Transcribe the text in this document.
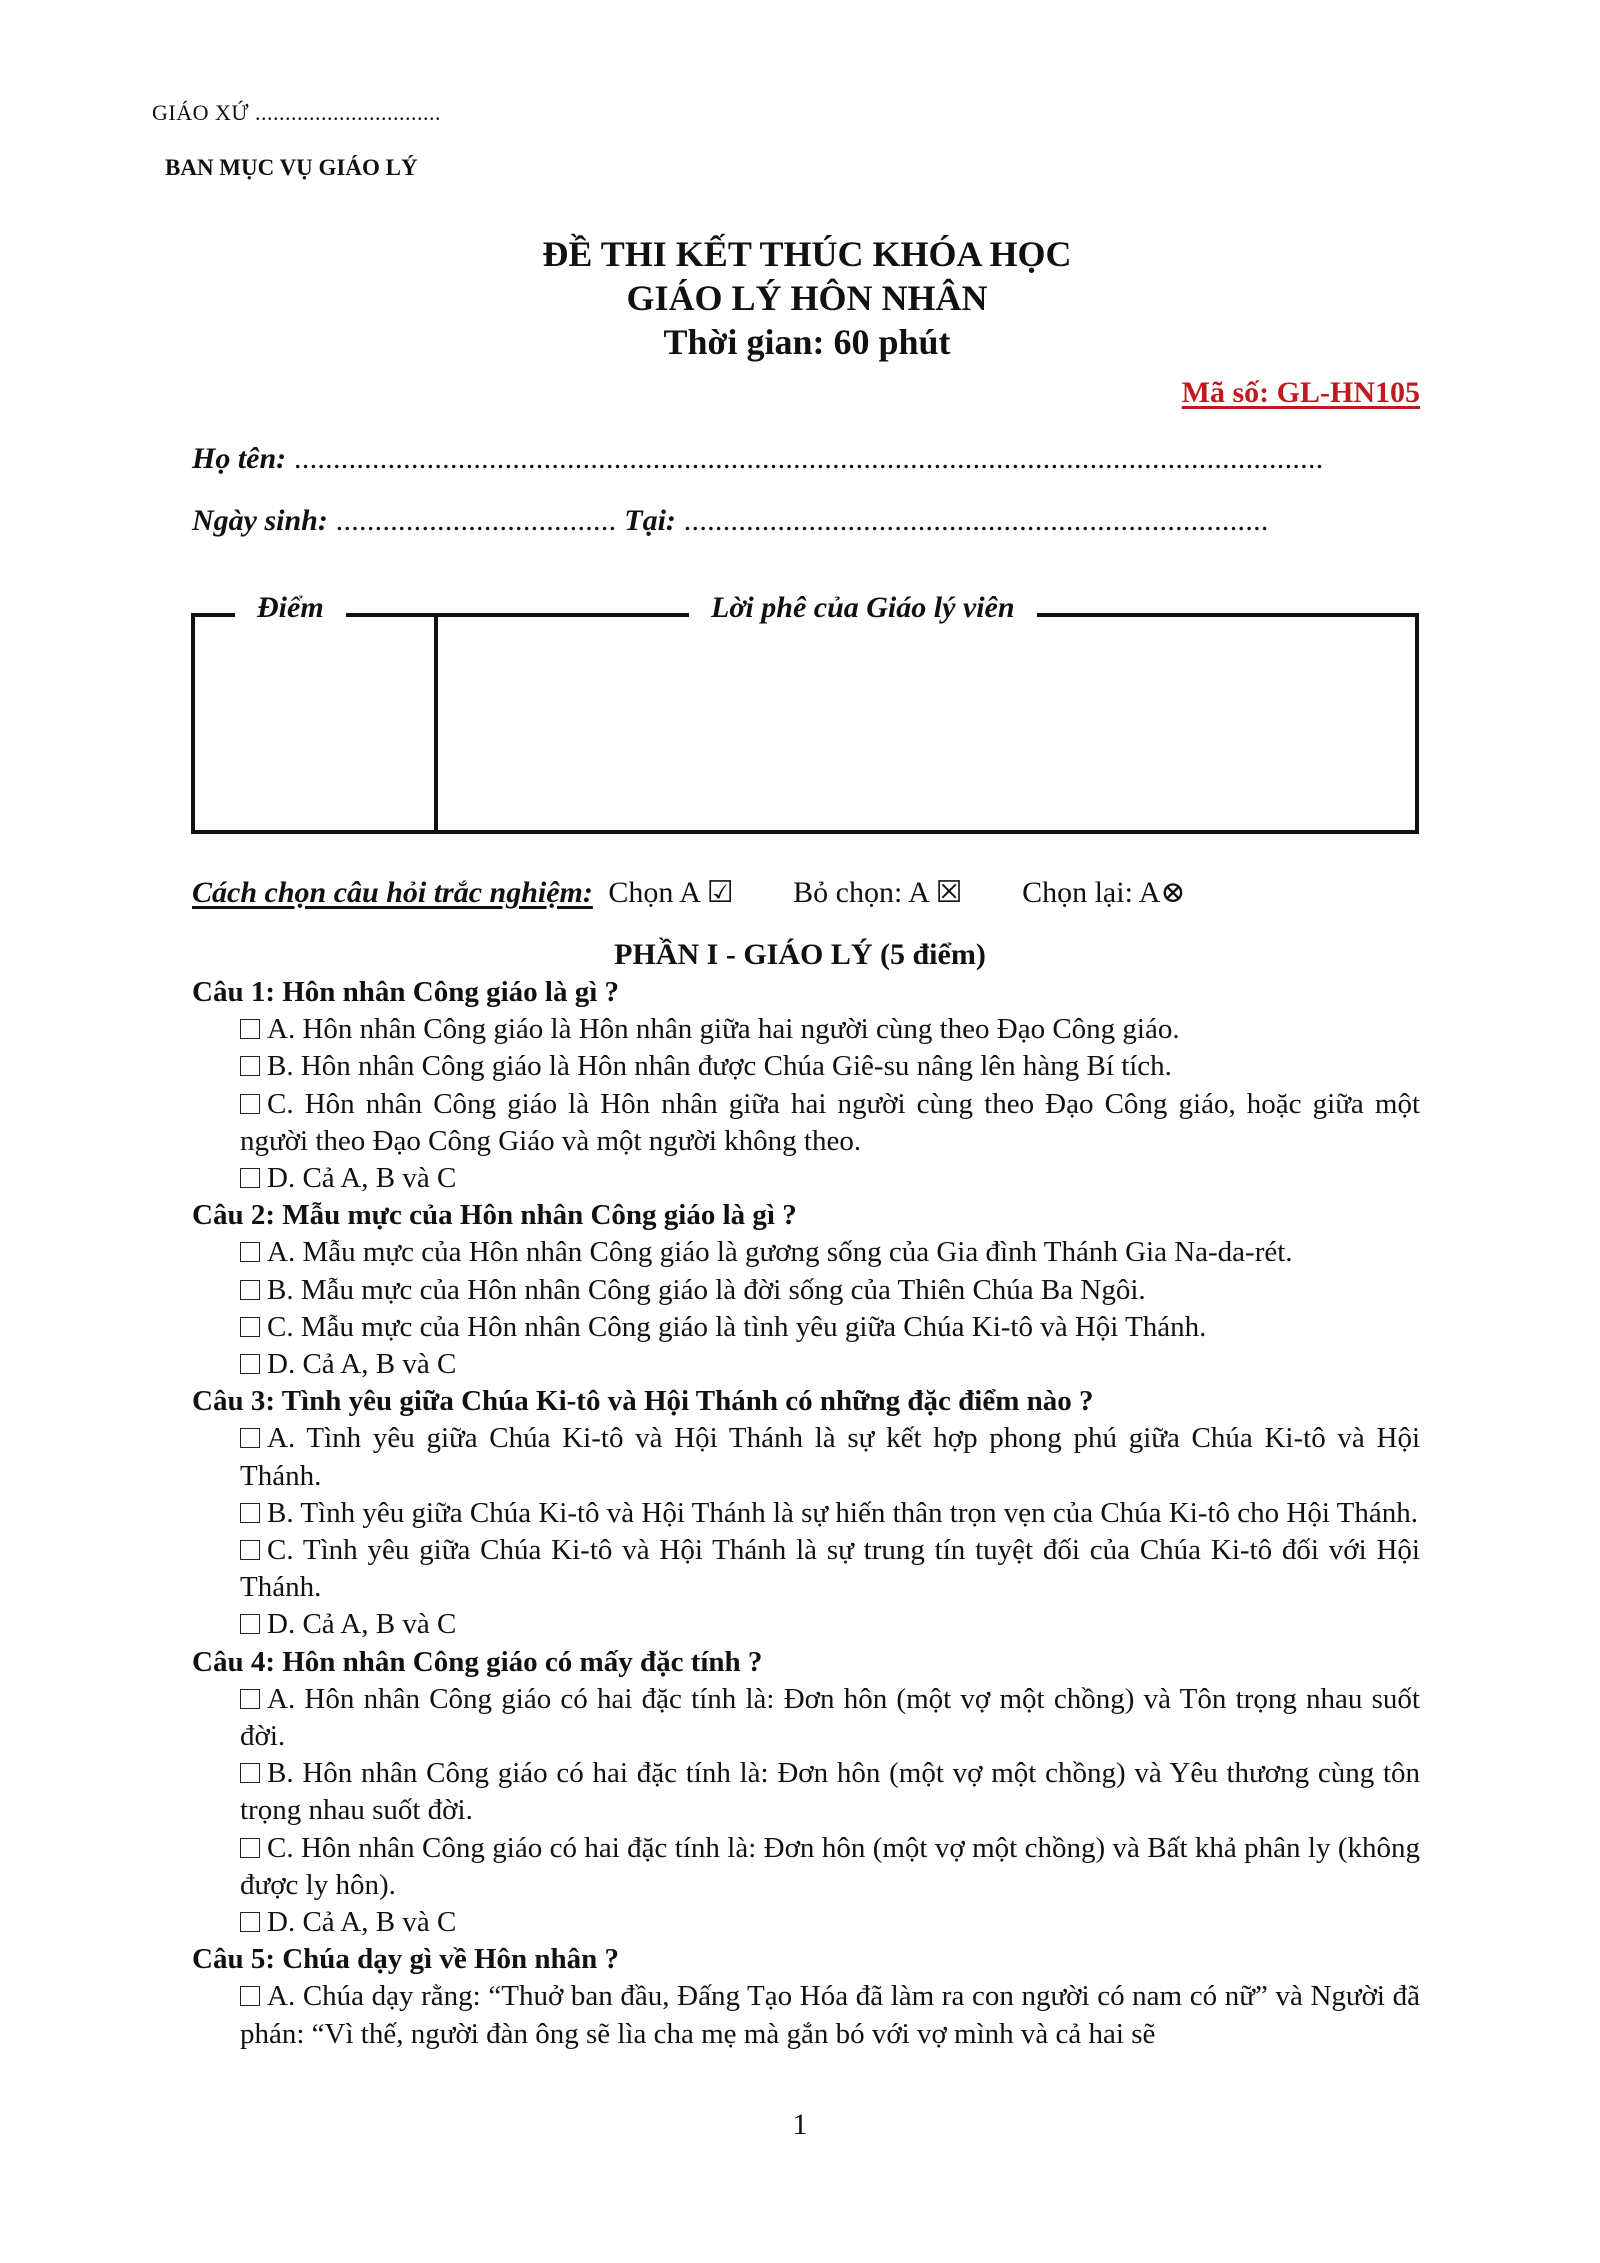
GIÁO XỨ ...............................
BAN MỤC VỤ GIÁO LÝ
ĐỀ THI KẾT THÚC KHÓA HỌC
GIÁO LÝ HÔN NHÂN
Thời gian: 60 phút
Mã số: GL-HN105
Họ tên: ....................................................................................................................................
Ngày sinh: .................................... Tại: ...........................................................................
Điểm	Lời phê của Giáo lý viên
Cách chọn câu hỏi trắc nghiệm: Chọn A ☑ Bỏ chọn: A ☒ Chọn lại: A⊗
PHẦN I - GIÁO LÝ (5 điểm)
Câu 1: Hôn nhân Công giáo là gì ?
A. Hôn nhân Công giáo là Hôn nhân giữa hai người cùng theo Đạo Công giáo.
B. Hôn nhân Công giáo là Hôn nhân được Chúa Giê-su nâng lên hàng Bí tích.
C. Hôn nhân Công giáo là Hôn nhân giữa hai người cùng theo Đạo Công giáo, hoặc giữa một người theo Đạo Công Giáo và một người không theo.
D. Cả A, B và C
Câu 2: Mẫu mực của Hôn nhân Công giáo là gì ?
A. Mẫu mực của Hôn nhân Công giáo là gương sống của Gia đình Thánh Gia Na-da-rét.
B. Mẫu mực của Hôn nhân Công giáo là đời sống của Thiên Chúa Ba Ngôi.
C. Mẫu mực của Hôn nhân Công giáo là tình yêu giữa Chúa Ki-tô và Hội Thánh.
D. Cả A, B và C
Câu 3: Tình yêu giữa Chúa Ki-tô và Hội Thánh có những đặc điểm nào ?
A. Tình yêu giữa Chúa Ki-tô và Hội Thánh là sự kết hợp phong phú giữa Chúa Ki-tô và Hội Thánh.
B. Tình yêu giữa Chúa Ki-tô và Hội Thánh là sự hiến thân trọn vẹn của Chúa Ki-tô cho Hội Thánh.
C. Tình yêu giữa Chúa Ki-tô và Hội Thánh là sự trung tín tuyệt đối của Chúa Ki-tô đối với Hội Thánh.
D. Cả A, B và C
Câu 4: Hôn nhân Công giáo có mấy đặc tính ?
A. Hôn nhân Công giáo có hai đặc tính là: Đơn hôn (một vợ một chồng) và Tôn trọng nhau suốt đời.
B. Hôn nhân Công giáo có hai đặc tính là: Đơn hôn (một vợ một chồng) và Yêu thương cùng tôn trọng nhau suốt đời.
C. Hôn nhân Công giáo có hai đặc tính là: Đơn hôn (một vợ một chồng) và Bất khả phân ly (không được ly hôn).
D. Cả A, B và C
Câu 5: Chúa dạy gì về Hôn nhân ?
A. Chúa dạy rằng: “Thuở ban đầu, Đấng Tạo Hóa đã làm ra con người có nam có nữ” và Người đã phán: “Vì thế, người đàn ông sẽ lìa cha mẹ mà gắn bó với vợ mình và cả hai sẽ
1
